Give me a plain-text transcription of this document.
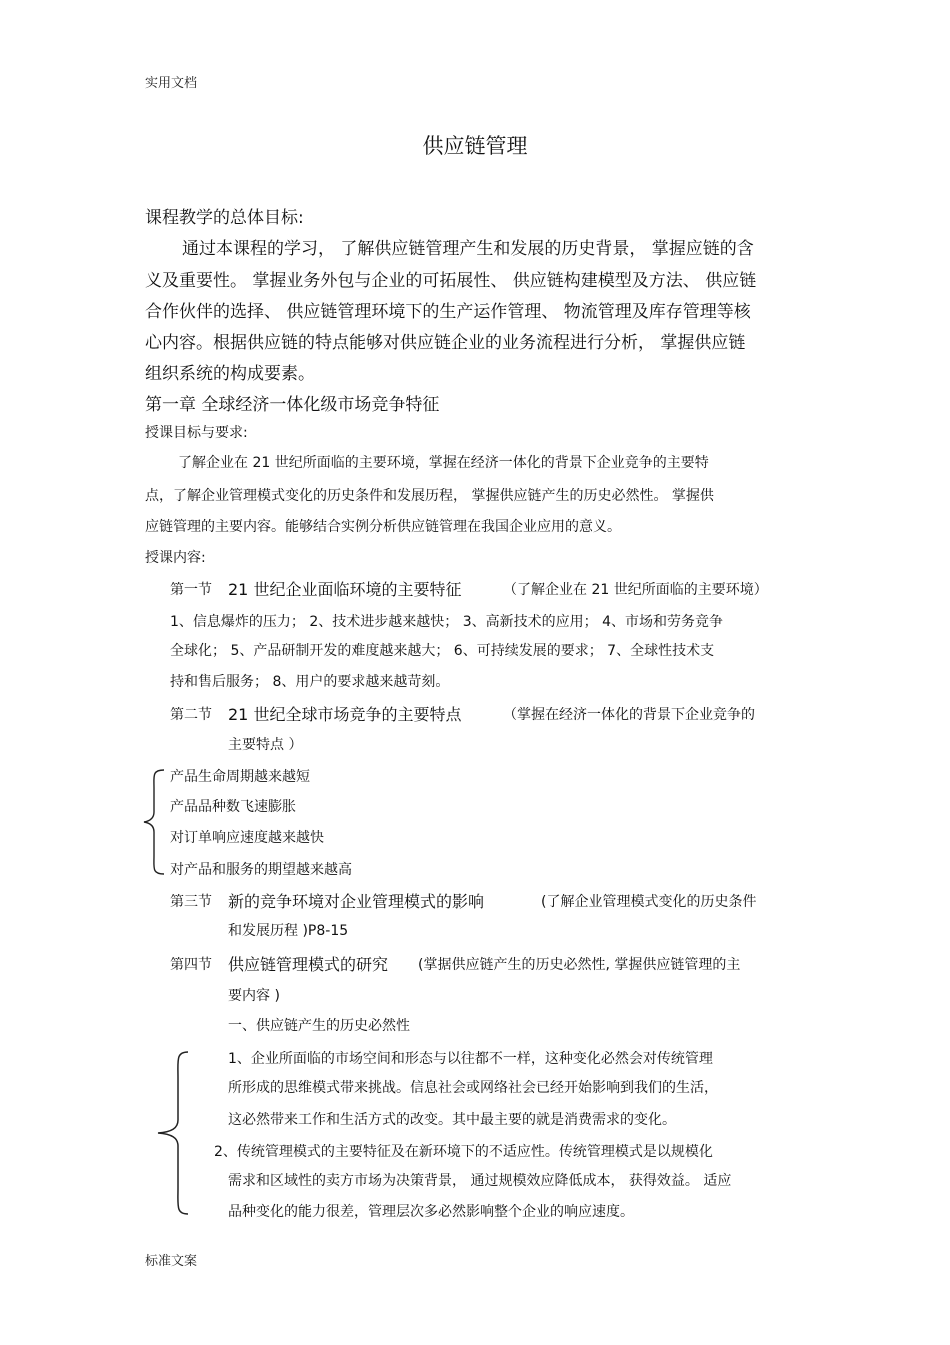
实用文档
标准文案
供应链管理
课程教学的总体目标:
通过本课程的学习， 了解供应链管理产生和发展的历史背景， 掌握应链的含
义及重要性。 掌握业务外包与企业的可拓展性、 供应链构建模型及方法、 供应链
合作伙伴的选择、 供应链管理环境下的生产运作管理、 物流管理及库存管理等核
心内容。根据供应链的特点能够对供应链企业的业务流程进行分析， 掌握供应链
组织系统的构成要素。
第一章 全球经济一体化级市场竞争特征
授课目标与要求:
了解企业在 21 世纪所面临的主要环境，掌握在经济一体化的背景下企业竞争的主要特
点，了解企业管理模式变化的历史条件和发展历程， 掌握供应链产生的历史必然性。 掌握供
应链管理的主要内容。能够结合实例分析供应链管理在我国企业应用的意义。
授课内容:
第一节 21 世纪企业面临环境的主要特征	（了解企业在 21 世纪所面临的主要环境）
1、信息爆炸的压力； 2、技术进步越来越快； 3、高新技术的应用； 4、市场和劳务竞争
全球化； 5、产品研制开发的难度越来越大； 6、可持续发展的要求； 7、全球性技术支
持和售后服务； 8、用户的要求越来越苛刻。
第二节 21 世纪全球市场竞争的主要特点	（掌握在经济一体化的背景下企业竞争的
主要特点 ）
产品生命周期越来越短
产品品种数飞速膨胀
对订单响应速度越来越快
对产品和服务的期望越来越高
第三节 新的竞争环境对企业管理模式的影响	(了解企业管理模式变化的历史条件
和发展历程 )P8-15
第四节 供应链管理模式的研究 (掌据供应链产生的历史必然性, 掌握供应链管理的主
要内容 )
一、供应链产生的历史必然性
1、企业所面临的市场空间和形态与以往都不一样，这种变化必然会对传统管理
所形成的思维模式带来挑战。信息社会或网络社会已经开始影响到我们的生活，
这必然带来工作和生活方式的改变。其中最主要的就是消费需求的变化。
2、传统管理模式的主要特征及在新环境下的不适应性。传统管理模式是以规模化
需求和区域性的卖方市场为决策背景， 通过规模效应降低成本， 获得效益。 适应
品种变化的能力很差，管理层次多必然影响整个企业的响应速度。
